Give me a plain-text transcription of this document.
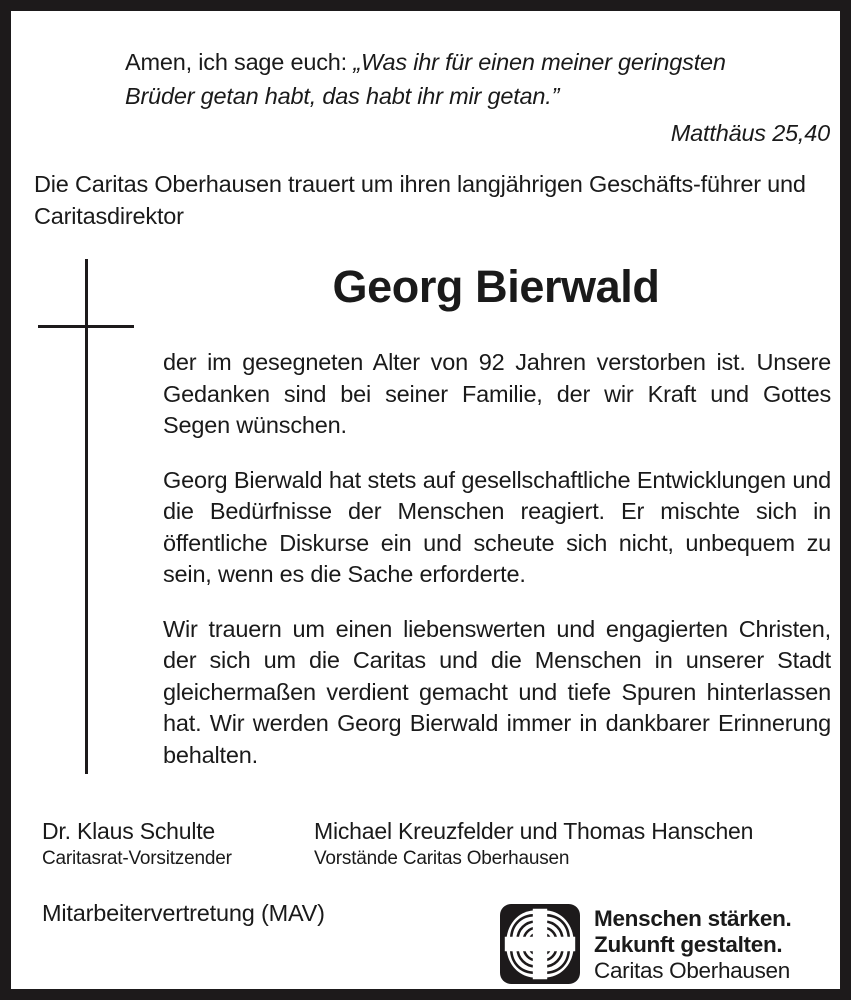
Amen, ich sage euch: „Was ihr für einen meiner geringsten
Brüder getan habt, das habt ihr mir getan.”
Matthäus 25,40
Die Caritas Oberhausen trauert um ihren langjährigen Geschäfts-führer und Caritasdirektor
Georg Bierwald

der im gesegneten Alter von 92 Jahren verstorben ist. Unsere Gedanken sind bei seiner Familie, der wir Kraft und Gottes Segen wünschen.

Georg Bierwald hat stets auf gesellschaftliche Entwicklungen und die Bedürfnisse der Menschen reagiert. Er mischte sich in öffentliche Diskurse ein und scheute sich nicht, unbequem zu sein, wenn es die Sache erforderte.

Wir trauern um einen liebenswerten und engagierten Christen, der sich um die Caritas und die Menschen in unserer Stadt gleichermaßen verdient gemacht und tiefe Spuren hinterlassen hat. Wir werden Georg Bierwald immer in dankbarer Erinnerung behalten.

Dr. Klaus Schulte
Caritasrat-Vorsitzender
Michael Kreuzfelder und Thomas Hanschen
Vorstände Caritas Oberhausen
Mitarbeitervertretung (MAV)	Menschen stärken.
Zukunft gestalten.
Caritas Oberhausen
